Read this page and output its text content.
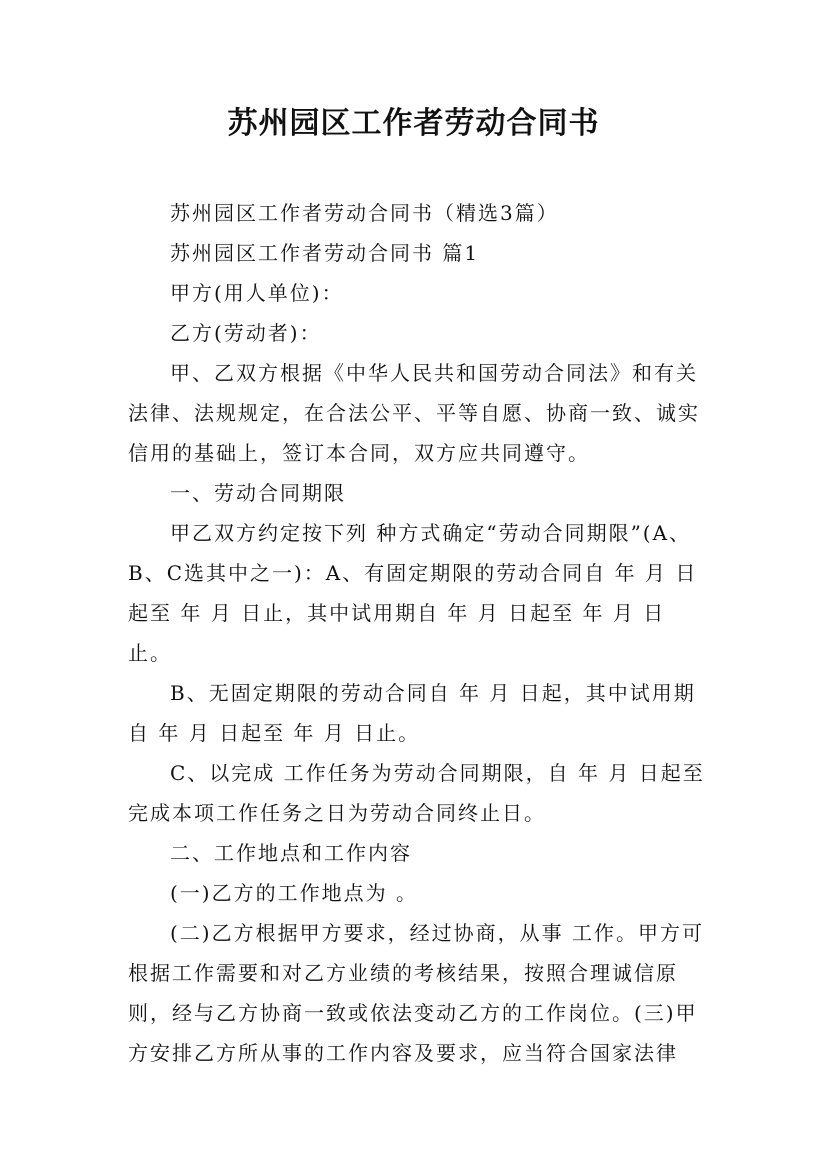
苏州园区工作者劳动合同书

苏州园区工作者劳动合同书（精选3篇）

苏州园区工作者劳动合同书 篇1

甲方(用人单位)：

乙方(劳动者)：

甲、乙双方根据《中华人民共和国劳动合同法》和有关法律、法规规定，在合法公平、平等自愿、协商一致、诚实信用的基础上，签订本合同，双方应共同遵守。

一、劳动合同期限

甲乙双方约定按下列 种方式确定“劳动合同期限”(A、B、C选其中之一)：A、有固定期限的劳动合同自 年 月 日起至 年 月 日止，其中试用期自 年 月 日起至 年 月 日止。

B、无固定期限的劳动合同自 年 月 日起，其中试用期自 年 月 日起至 年 月 日止。

C、以完成 工作任务为劳动合同期限，自 年 月 日起至完成本项工作任务之日为劳动合同终止日。

二、工作地点和工作内容

(一)乙方的工作地点为 。

(二)乙方根据甲方要求，经过协商，从事 工作。甲方可根据工作需要和对乙方业绩的考核结果，按照合理诚信原则，经与乙方协商一致或依法变动乙方的工作岗位。(三)甲方安排乙方所从事的工作内容及要求，应当符合国家法律
